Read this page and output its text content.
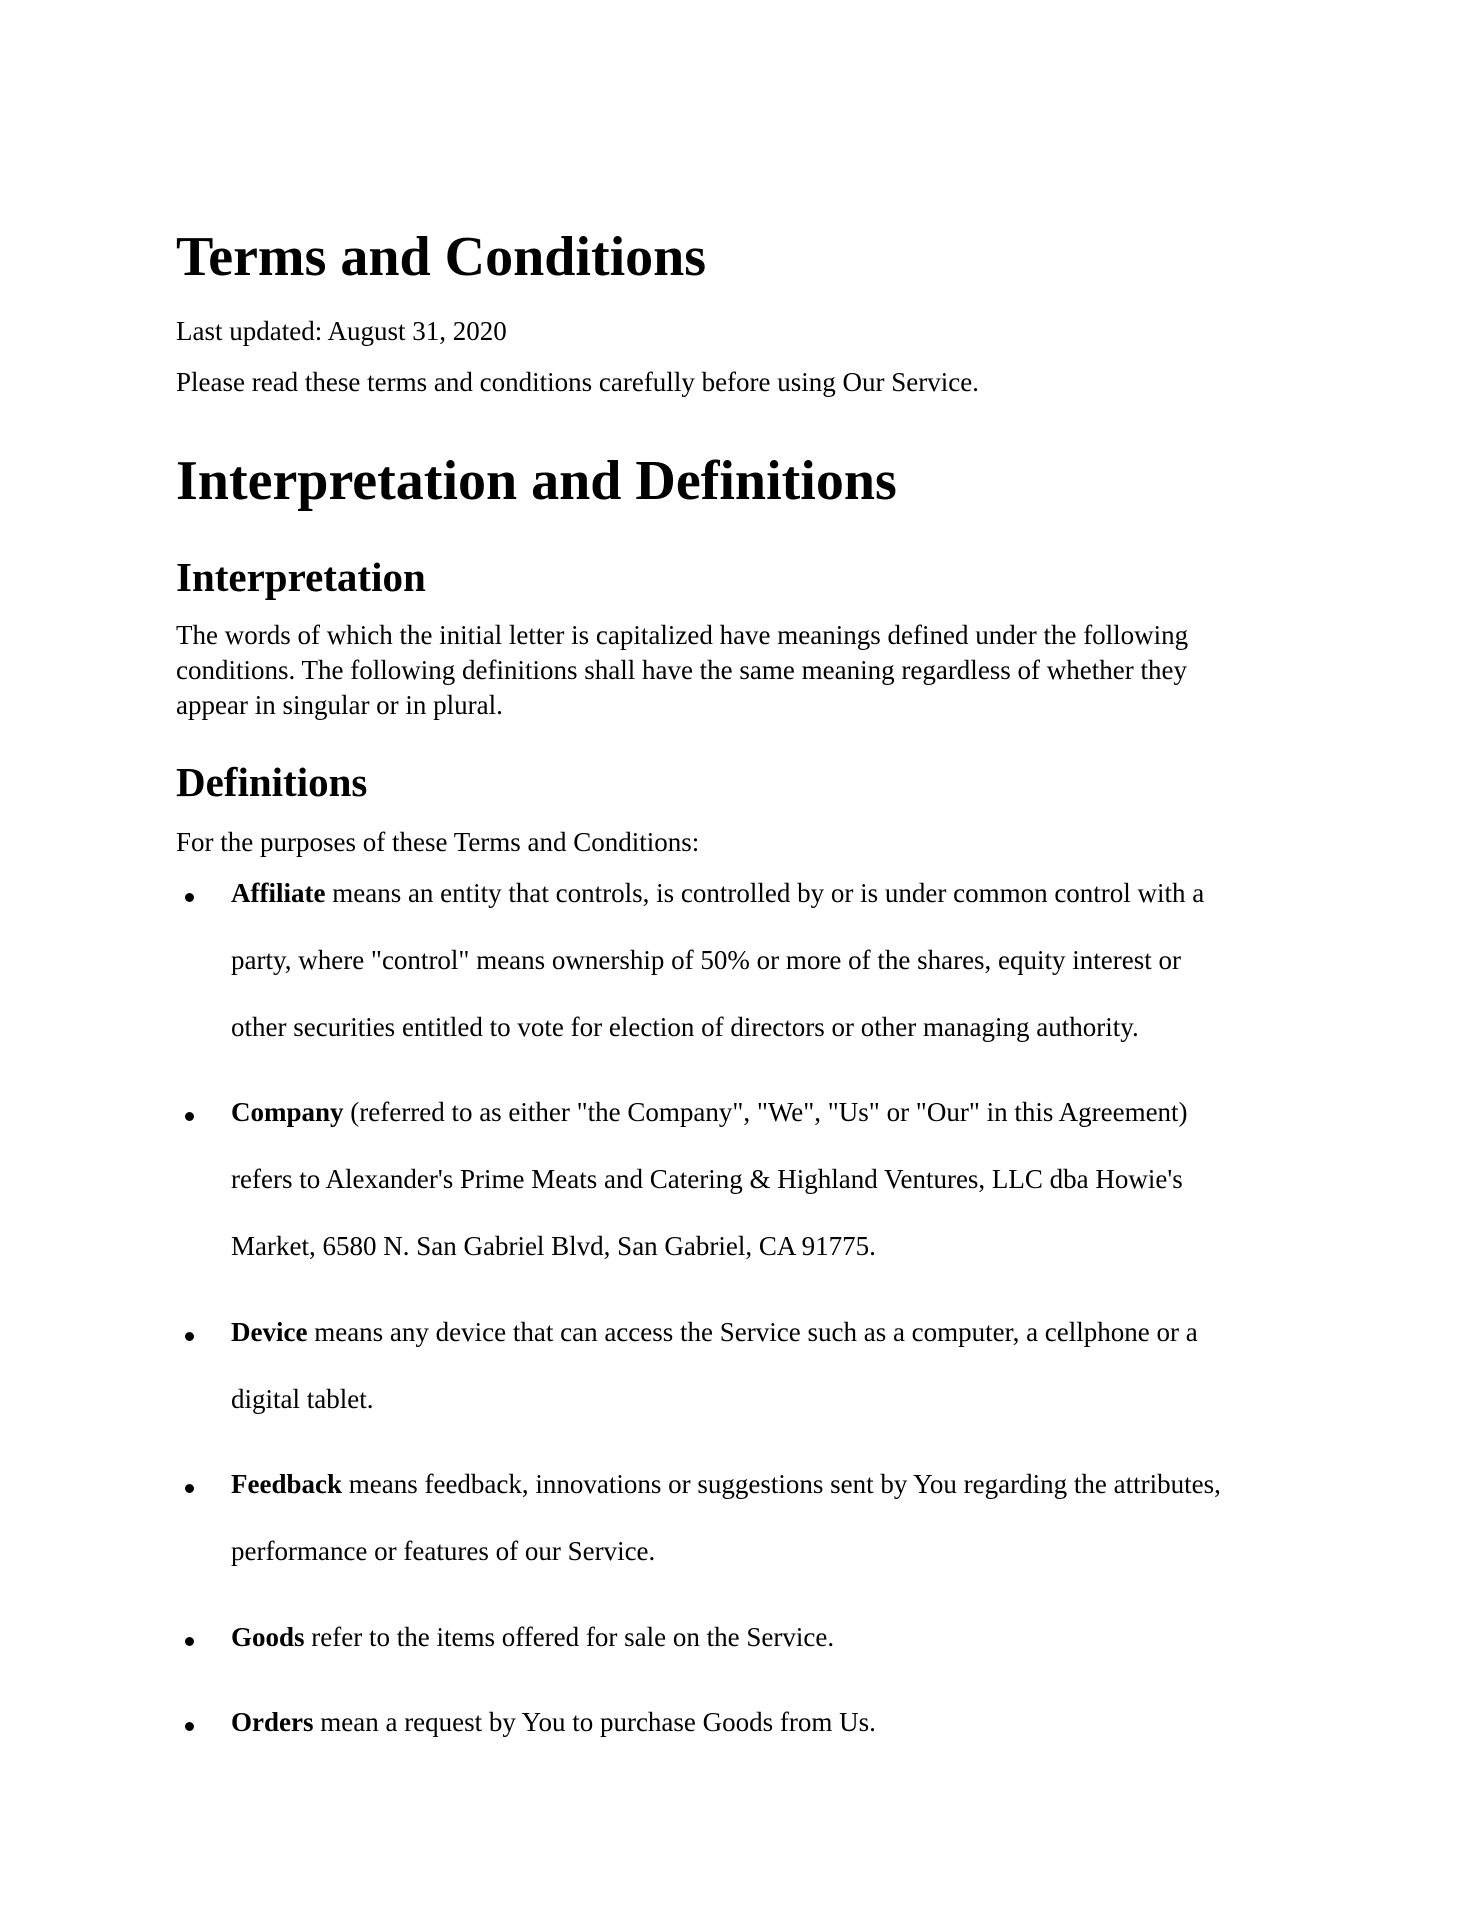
Terms and Conditions

Last updated: August 31, 2020

Please read these terms and conditions carefully before using Our Service.

Interpretation and Definitions
Interpretation
The words of which the initial letter is capitalized have meanings defined under the following
conditions. The following definitions shall have the same meaning regardless of whether they
appear in singular or in plural.
Definitions

For the purposes of these Terms and Conditions:

Affiliate means an entity that controls, is controlled by or is under common control with a

party, where "control" means ownership of 50% or more of the shares, equity interest or

other securities entitled to vote for election of directors or other managing authority.

Company (referred to as either "the Company", "We", "Us" or "Our" in this Agreement)

refers to Alexander's Prime Meats and Catering & Highland Ventures, LLC dba Howie's

Market, 6580 N. San Gabriel Blvd, San Gabriel, CA 91775.

Device means any device that can access the Service such as a computer, a cellphone or a

digital tablet.

Feedback means feedback, innovations or suggestions sent by You regarding the attributes,

performance or features of our Service.

Goods refer to the items offered for sale on the Service.

Orders mean a request by You to purchase Goods from Us.
